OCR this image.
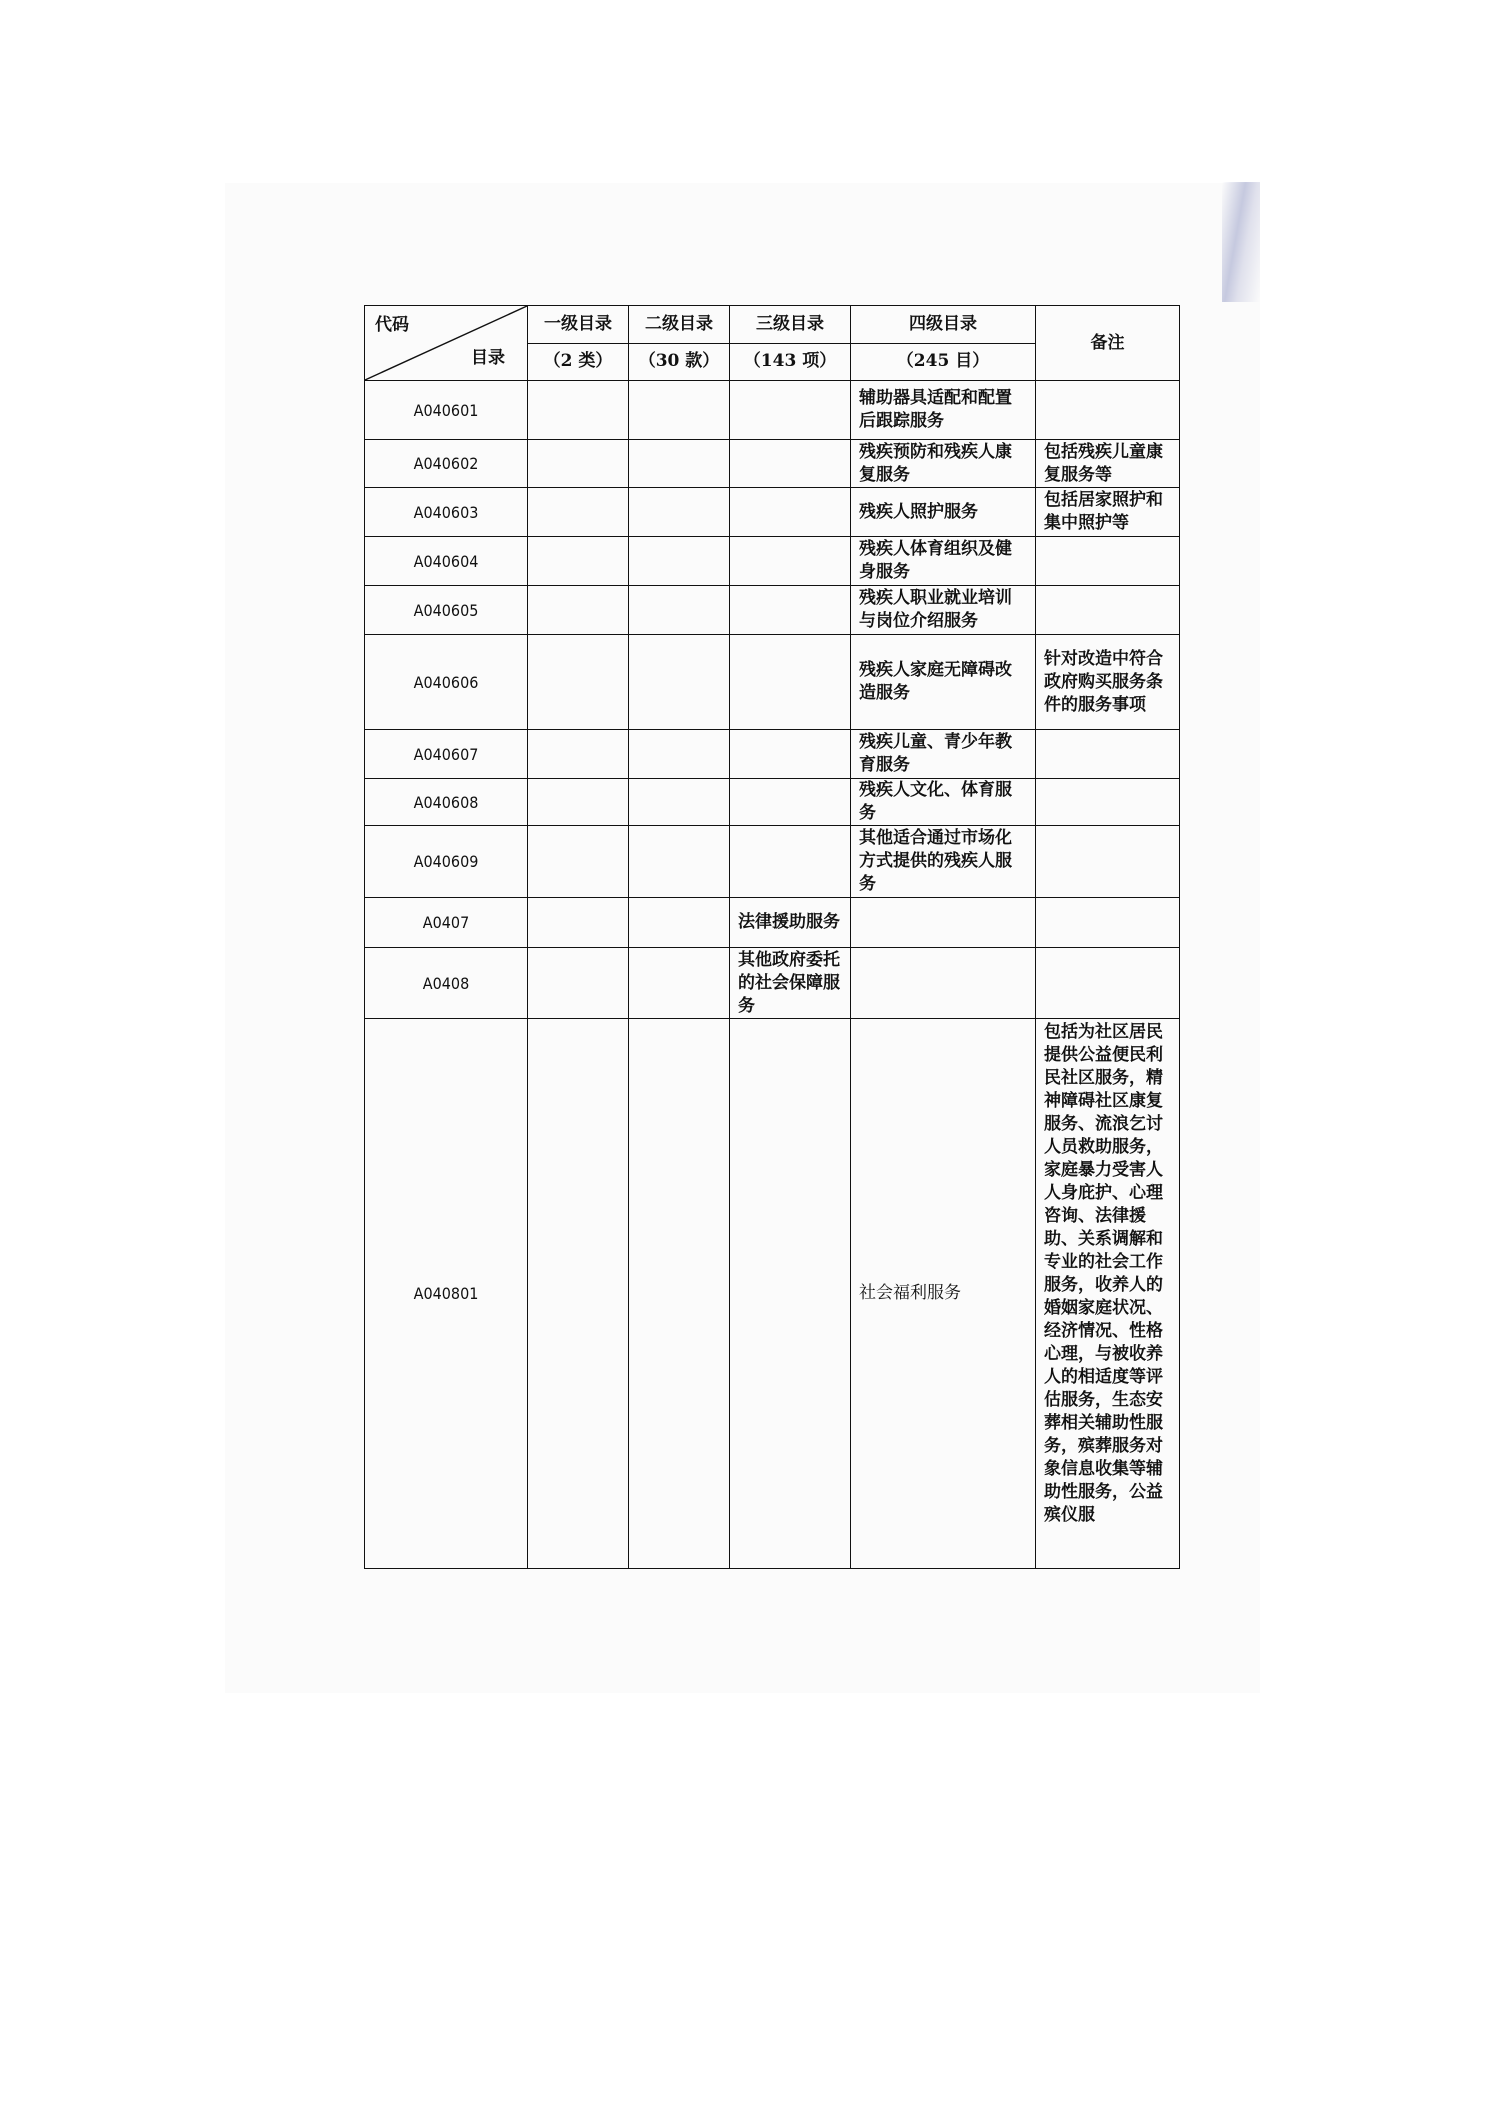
代码
目录	一级目录	二级目录	三级目录	四级目录	备注
	（2 类）	（30 款）	（143 项）	（245 目）	
A040601				辅助器具适配和配置后跟踪服务	
A040602				残疾预防和残疾人康复服务	包括残疾儿童康复服务等
A040603				残疾人照护服务	包括居家照护和集中照护等
A040604				残疾人体育组织及健身服务	
A040605				残疾人职业就业培训与岗位介绍服务	
A040606				残疾人家庭无障碍改造服务	针对改造中符合政府购买服务条件的服务事项
A040607				残疾儿童、青少年教育服务	
A040608				残疾人文化、体育服务	
A040609				其他适合通过市场化方式提供的残疾人服务	
A0407			法律援助服务		
A0408			其他政府委托的社会保障服务		
A040801				社会福利服务	包括为社区居民提供公益便民利民社区服务，精神障碍社区康复服务、流浪乞讨人员救助服务，家庭暴力受害人人身庇护、心理咨询、法律援助、关系调解和专业的社会工作服务，收养人的婚姻家庭状况、经济情况、性格心理，与被收养人的相适度等评估服务，生态安葬相关辅助性服务，殡葬服务对象信息收集等辅助性服务，公益殡仪服
